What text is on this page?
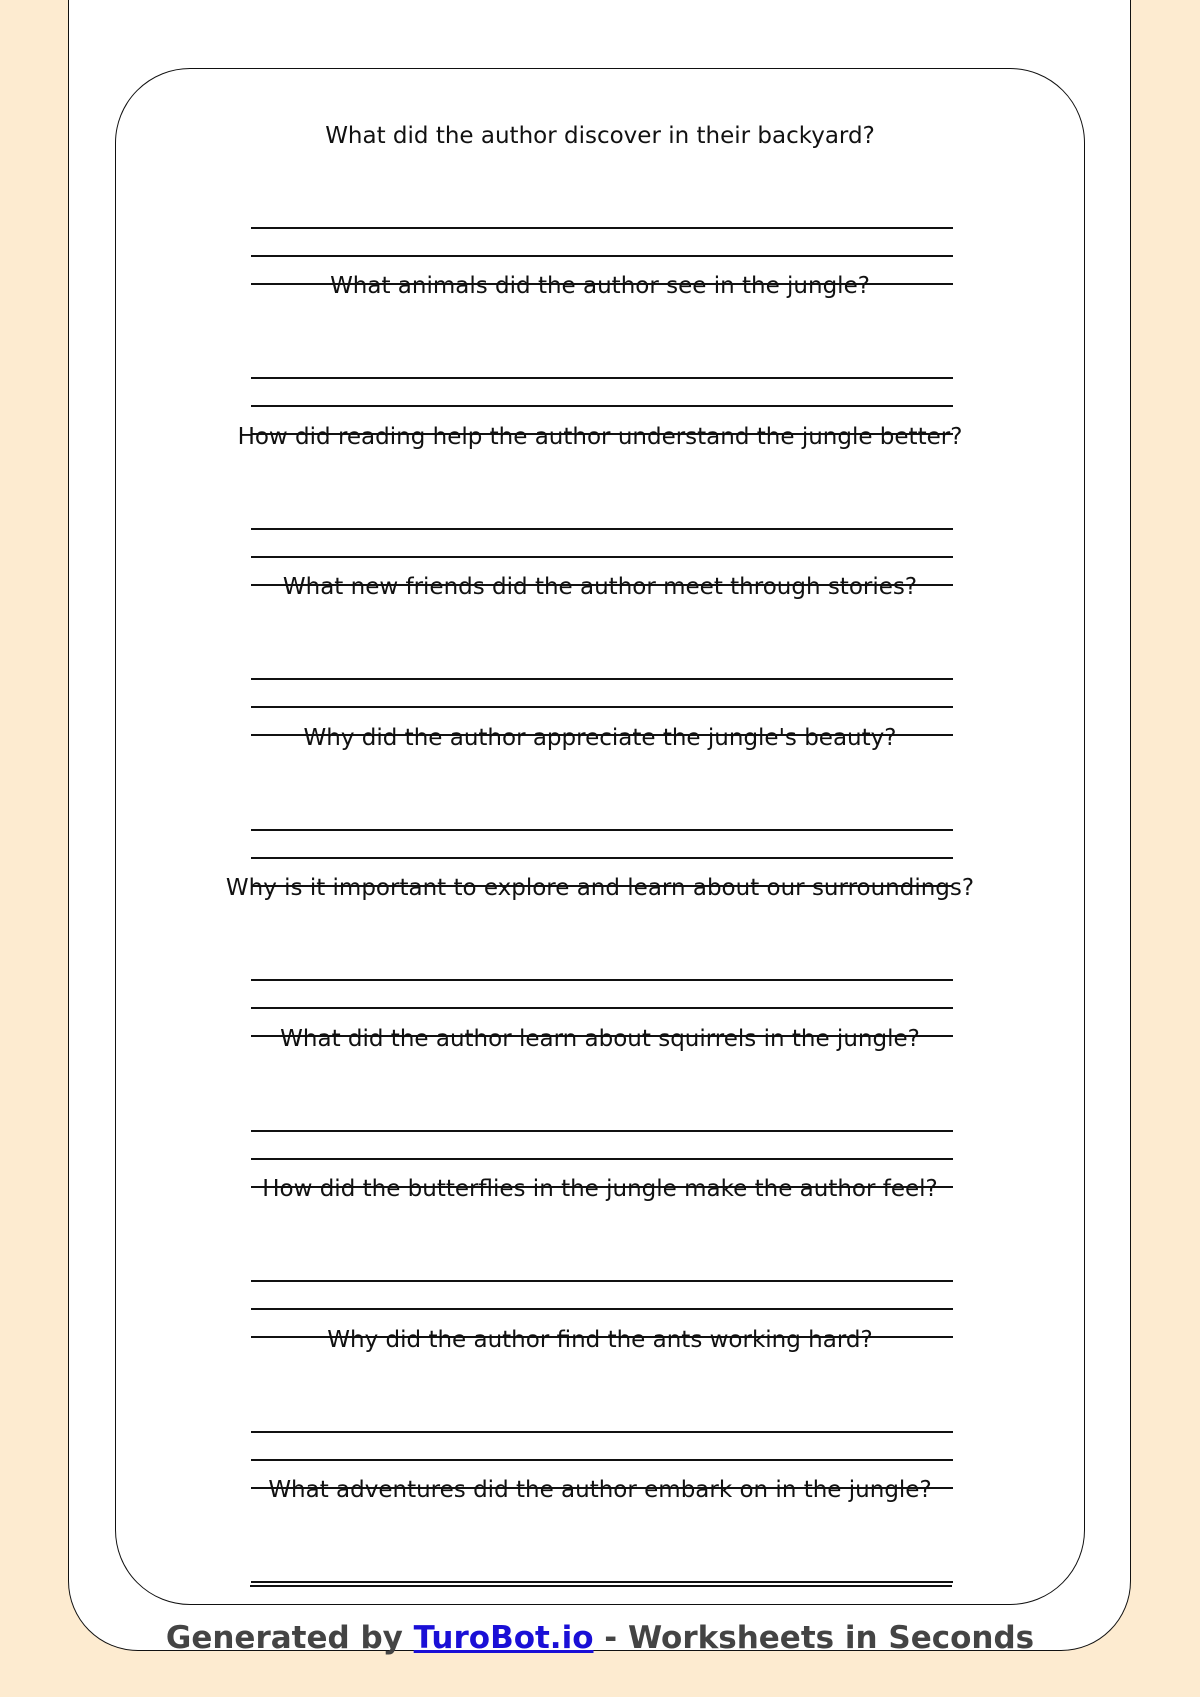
What did the author discover in their backyard?
What animals did the author see in the jungle?
How did reading help the author understand the jungle better?
What new friends did the author meet through stories?
Why did the author appreciate the jungle's beauty?
Why is it important to explore and learn about our surroundings?
What did the author learn about squirrels in the jungle?
How did the butterflies in the jungle make the author feel?
Why did the author find the ants working hard?
What adventures did the author embark on in the jungle?
Generated by TuroBot.io - Worksheets in Seconds
